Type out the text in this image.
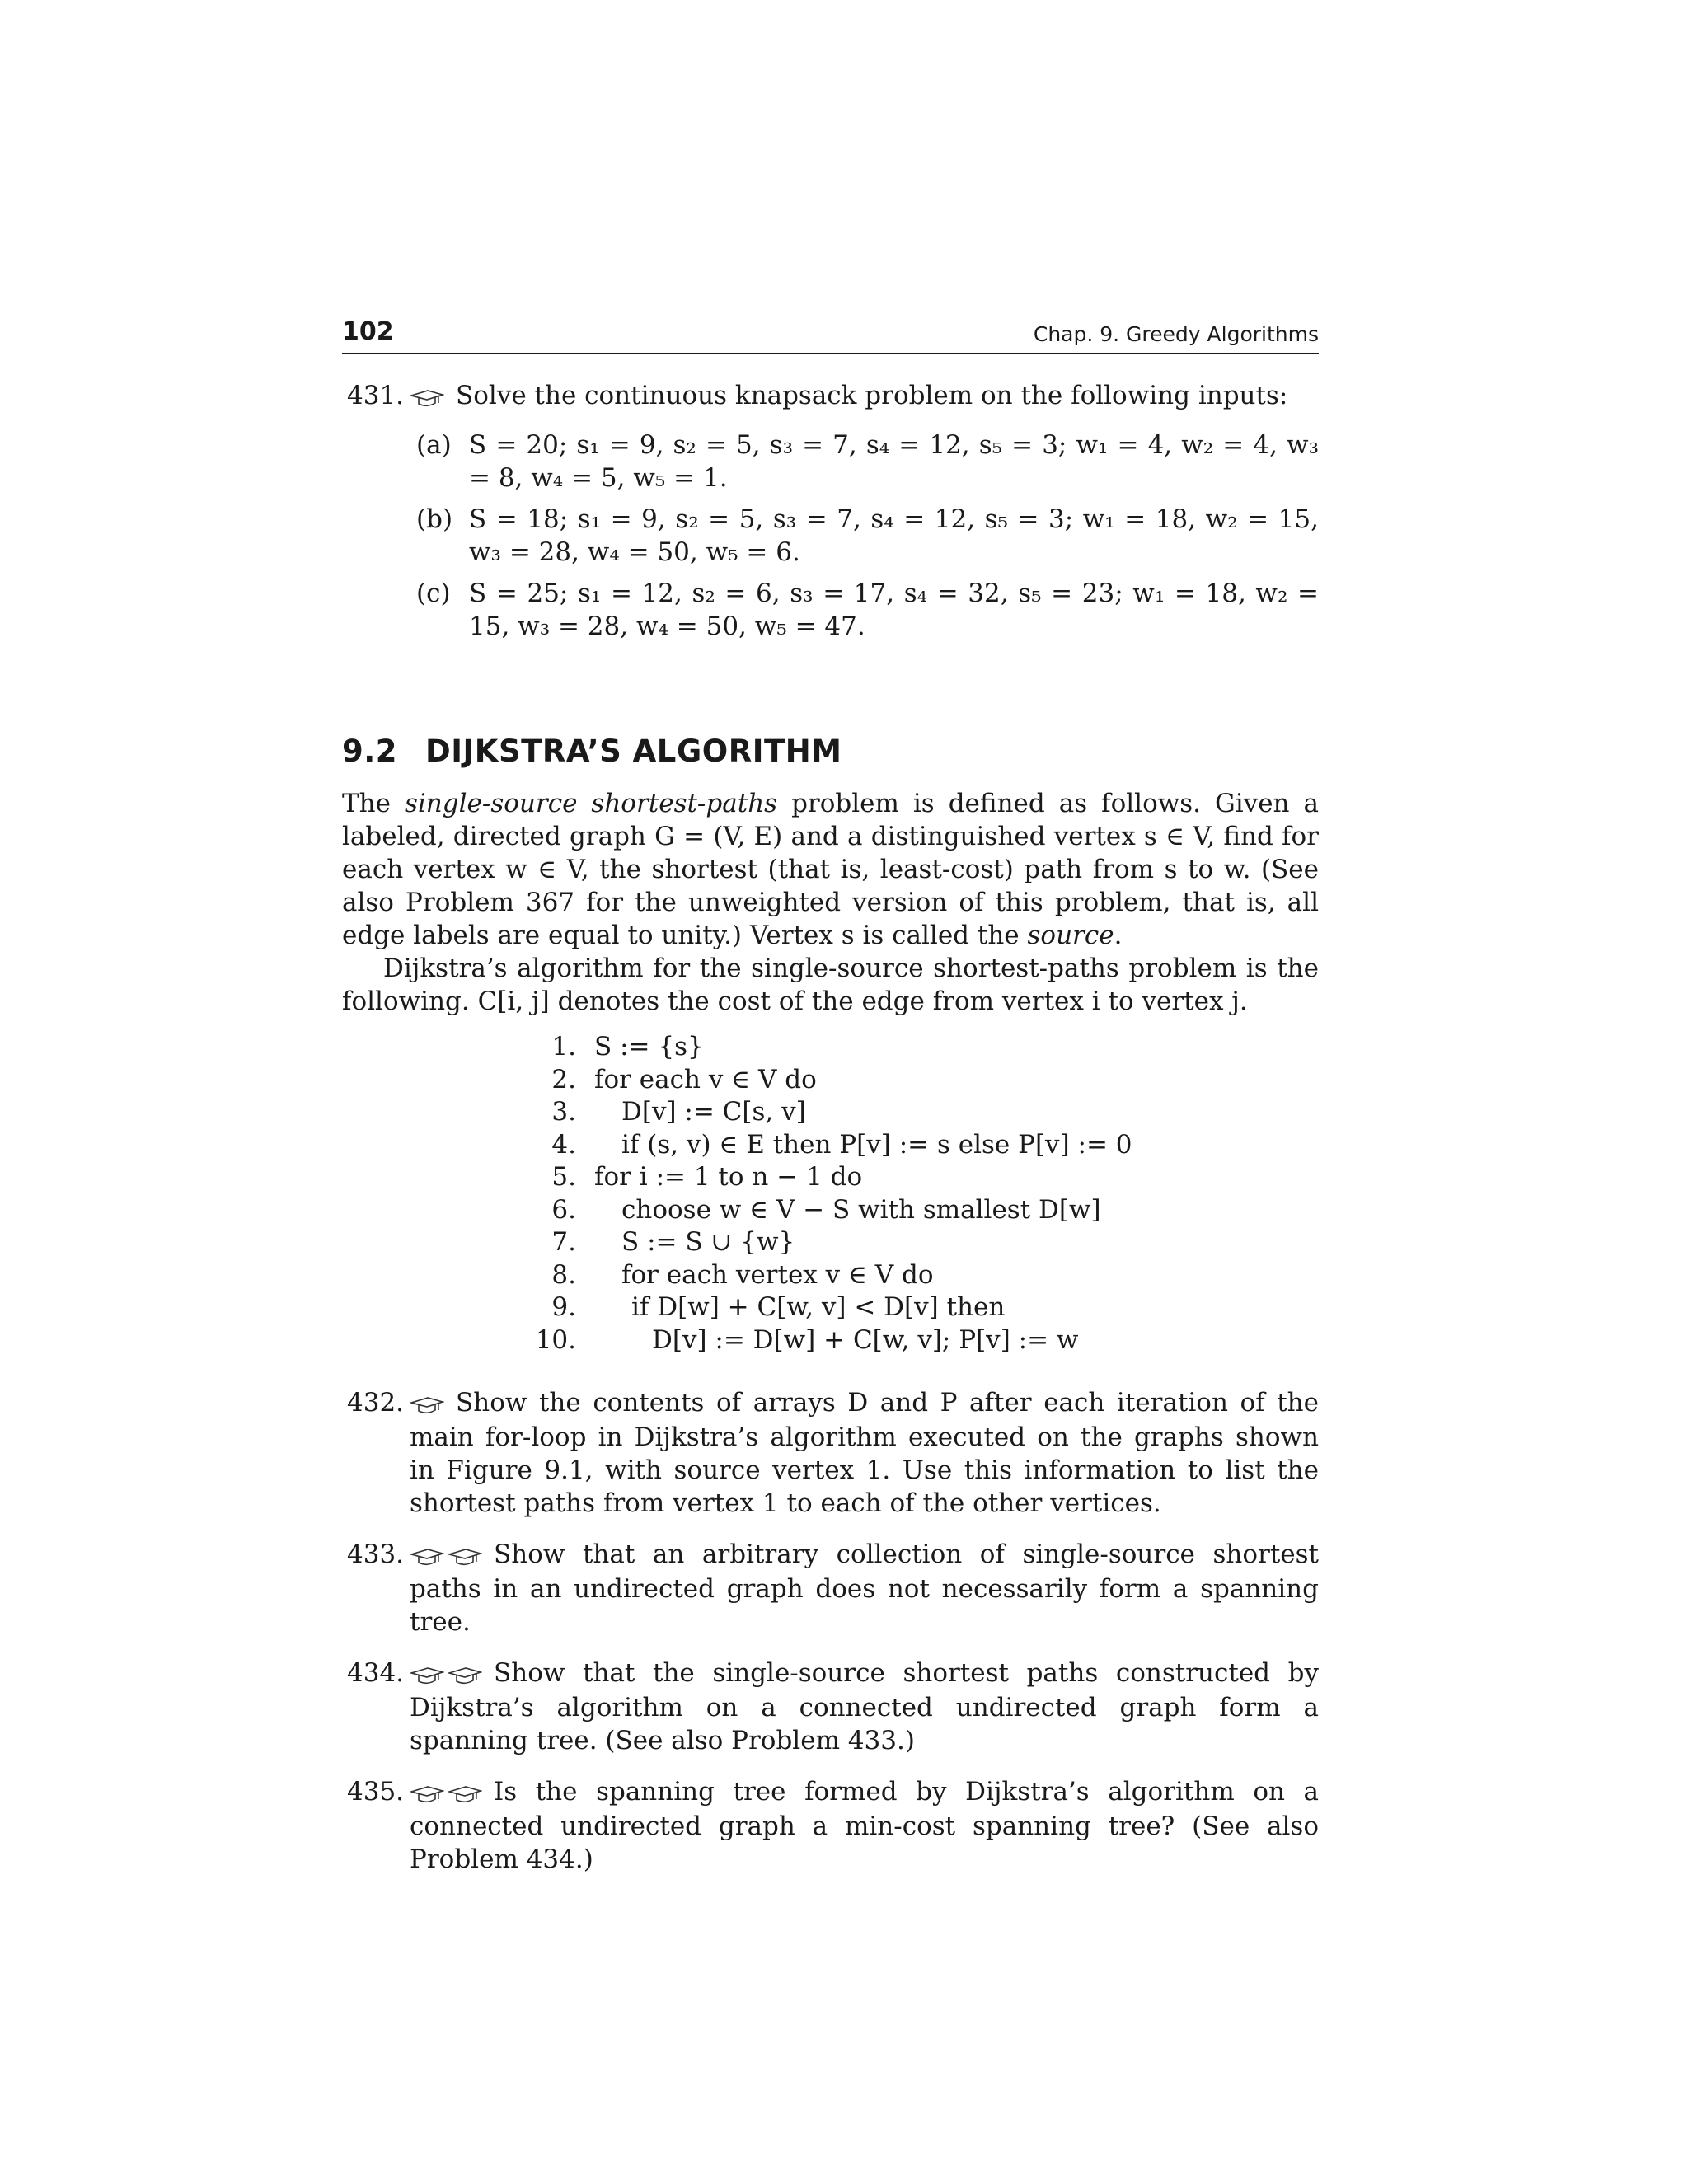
102	Chap. 9. Greedy Algorithms
431. Solve the continuous knapsack problem on the following inputs:
(a) S = 20; s₁ = 9, s₂ = 5, s₃ = 7, s₄ = 12, s₅ = 3; w₁ = 4, w₂ = 4, w₃ = 8, w₄ = 5, w₅ = 1.
(b) S = 18; s₁ = 9, s₂ = 5, s₃ = 7, s₄ = 12, s₅ = 3; w₁ = 18, w₂ = 15, w₃ = 28, w₄ = 50, w₅ = 6.
(c) S = 25; s₁ = 12, s₂ = 6, s₃ = 17, s₄ = 32, s₅ = 23; w₁ = 18, w₂ = 15, w₃ = 28, w₄ = 50, w₅ = 47.
9.2 DIJKSTRA’S ALGORITHM

The single-source shortest-paths problem is defined as follows. Given a labeled, directed graph G = (V, E) and a distinguished vertex s ∈ V, find for each vertex w ∈ V, the shortest (that is, least-cost) path from s to w. (See also Problem 367 for the unweighted version of this problem, that is, all edge labels are equal to unity.) Vertex s is called the source.

Dijkstra’s algorithm for the single-source shortest-paths problem is the following. C[i, j] denotes the cost of the edge from vertex i to vertex j.

1. S := {s}
2. for each v ∈ V do
3.	D[v] := C[s, v]
4.	if (s, v) ∈ E then P[v] := s else P[v] := 0
5. for i := 1 to n − 1 do
6.	choose w ∈ V − S with smallest D[w]
7.	S := S ∪ {w}
8.	for each vertex v ∈ V do
9.	if D[w] + C[w, v] < D[v] then
10.	D[v] := D[w] + C[w, v]; P[v] := w
432. Show the contents of arrays D and P after each iteration of the main for-loop in Dijkstra’s algorithm executed on the graphs shown in Figure 9.1, with source vertex 1. Use this information to list the shortest paths from vertex 1 to each of the other vertices.
433.	Show that an arbitrary collection of single-source shortest paths in an undirected graph does not necessarily form a spanning tree.
434.	Show that the single-source shortest paths constructed by Dijkstra’s algorithm on a connected undirected graph form a spanning tree. (See also Problem 433.)
435.	Is the spanning tree formed by Dijkstra’s algorithm on a connected undirected graph a min-cost spanning tree? (See also Problem 434.)
